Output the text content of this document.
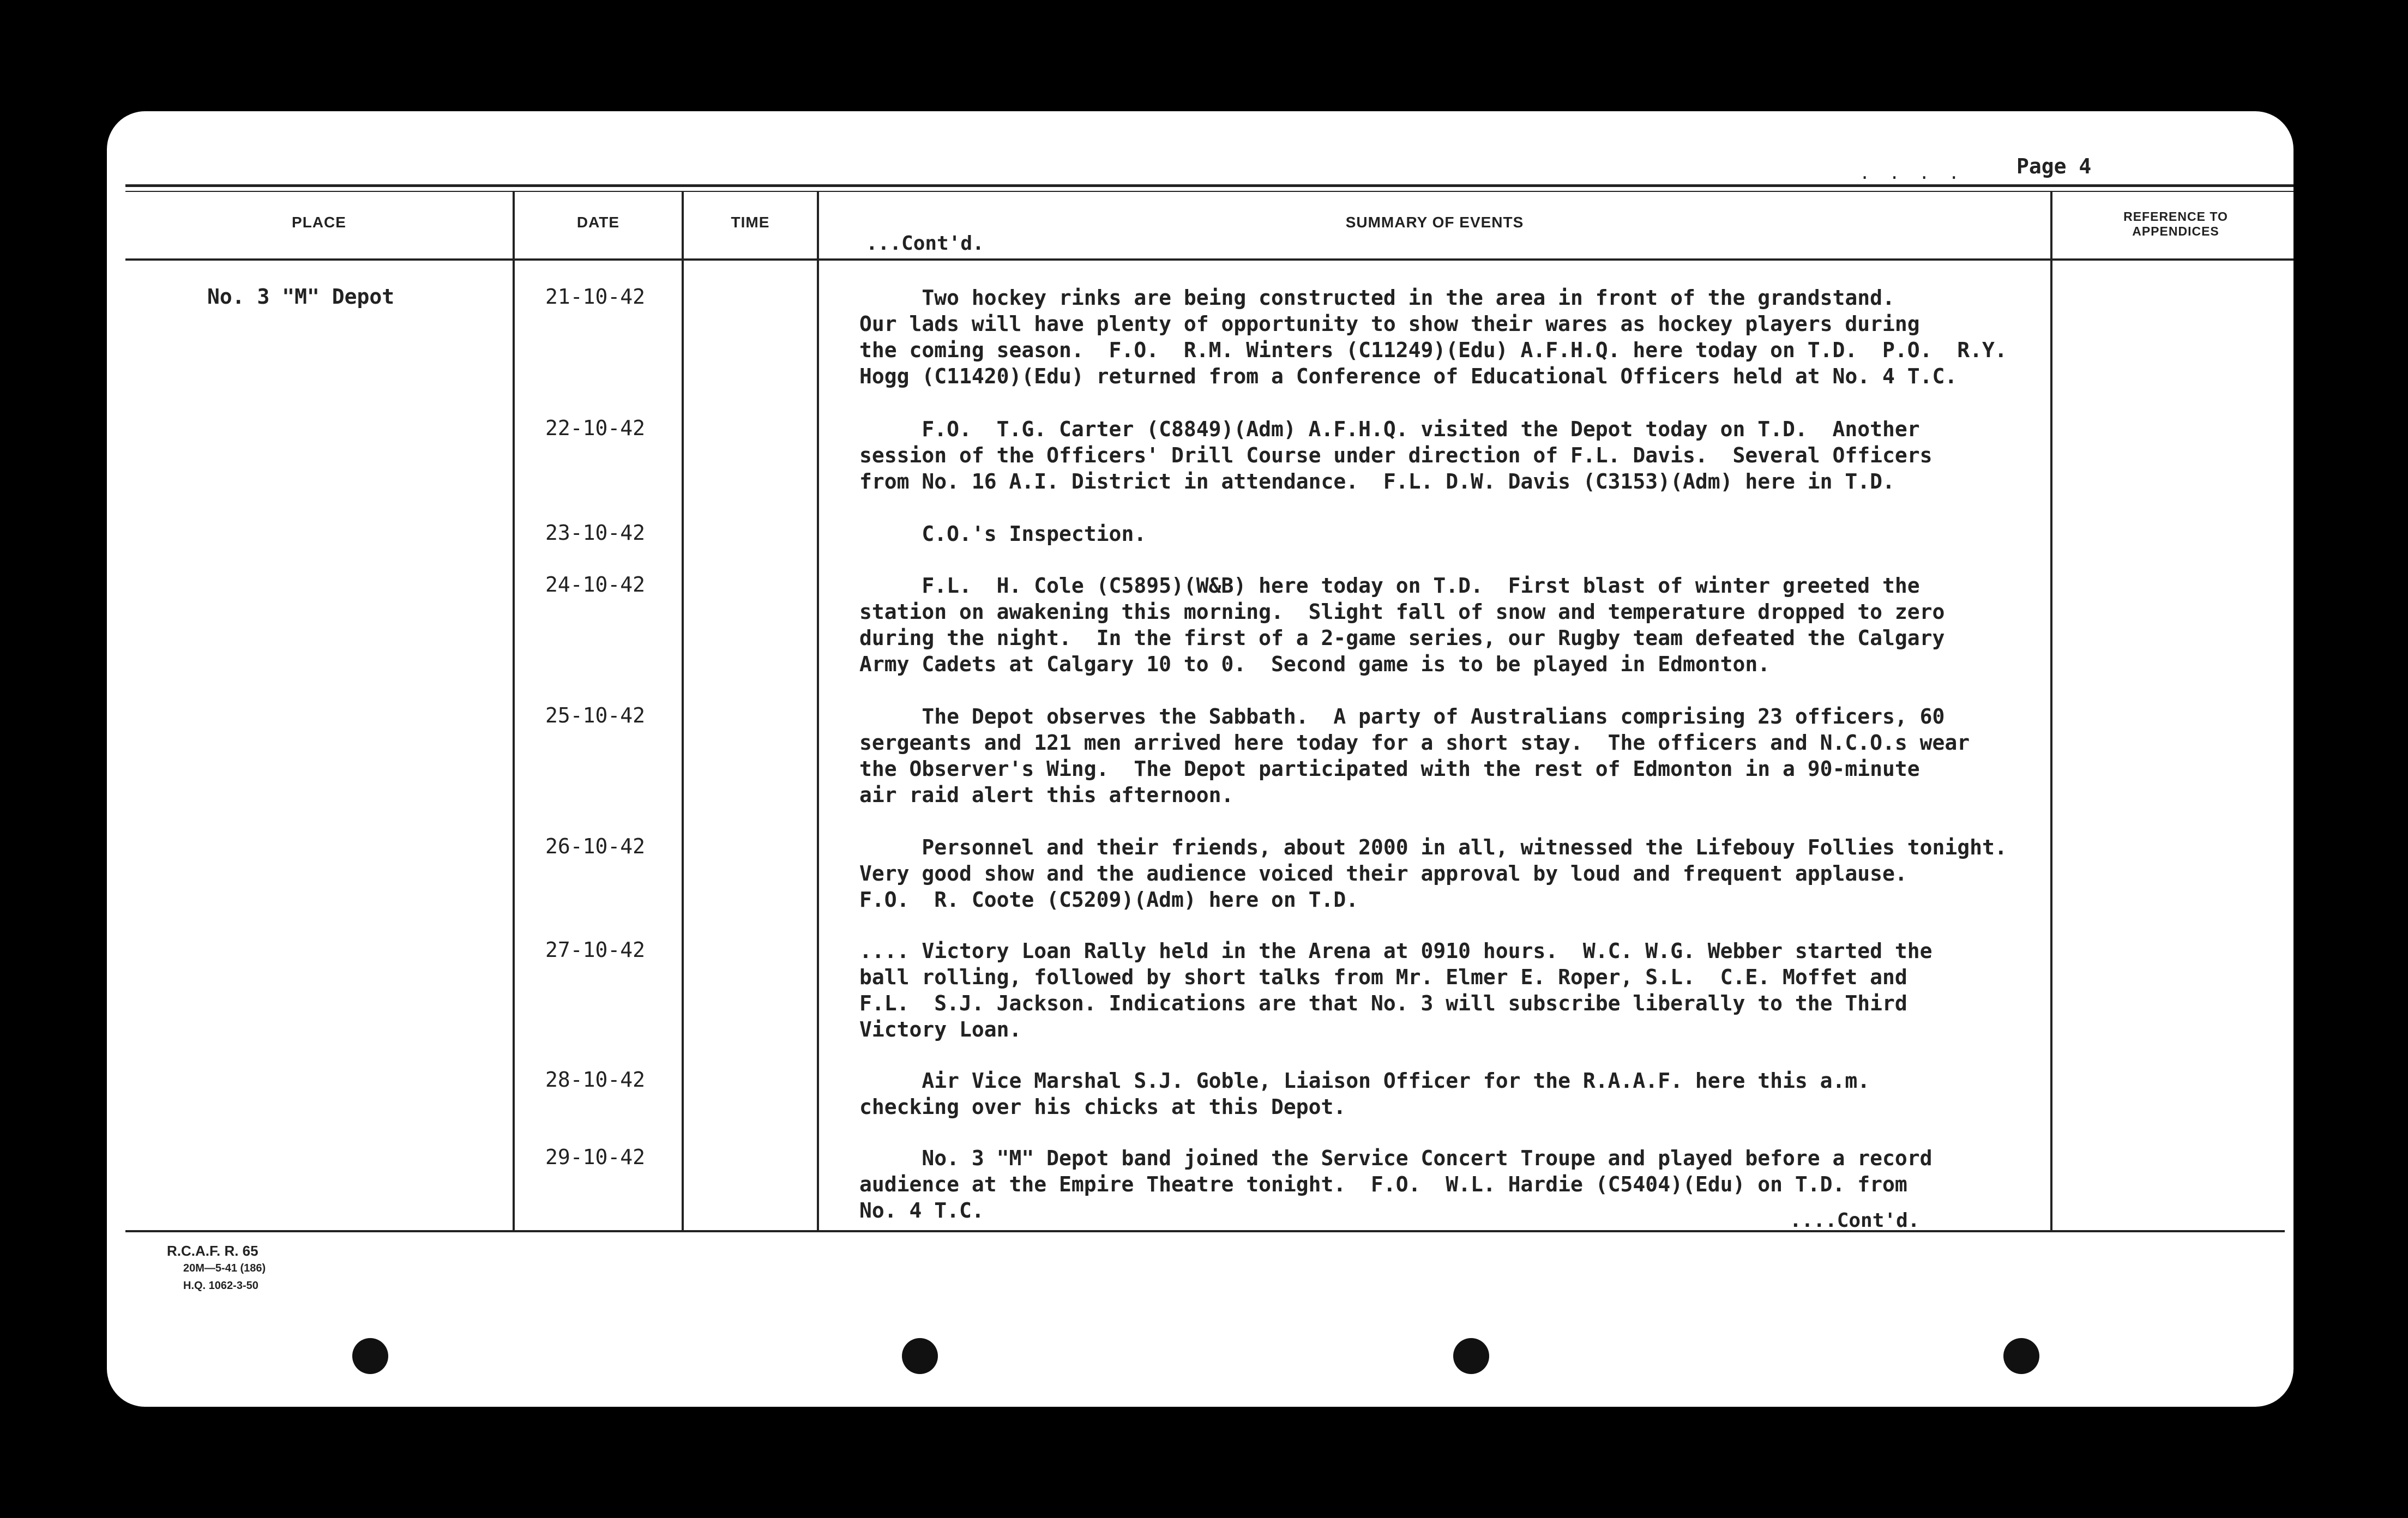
. . . .	Page 4
PLACE	DATE	TIME	SUMMARY OF EVENTS	REFERENCE TO APPENDICES
...Cont'd.
No. 3 "M" Depot	21-10-42	Two hockey rinks are being constructed in the area in front of the grandstand.
Our lads will have plenty of opportunity to show their wares as hockey players during
the coming season.  F.O.  R.M. Winters (C11249)(Edu) A.F.H.Q. here today on T.D.  P.O.  R.Y.
Hogg (C11420)(Edu) returned from a Conference of Educational Officers held at No. 4 T.C.
22-10-42	F.O.  T.G. Carter (C8849)(Adm) A.F.H.Q. visited the Depot today on T.D.  Another
session of the Officers' Drill Course under direction of F.L. Davis.  Several Officers
from No. 16 A.I. District in attendance.  F.L. D.W. Davis (C3153)(Adm) here in T.D.
23-10-42	C.O.'s Inspection.
24-10-42	F.L.  H. Cole (C5895)(W&B) here today on T.D.  First blast of winter greeted the
station on awakening this morning.  Slight fall of snow and temperature dropped to zero
during the night.  In the first of a 2-game series, our Rugby team defeated the Calgary
Army Cadets at Calgary 10 to 0.  Second game is to be played in Edmonton.
25-10-42	The Depot observes the Sabbath.  A party of Australians comprising 23 officers, 60
sergeants and 121 men arrived here today for a short stay.  The officers and N.C.O.s wear
the Observer's Wing.  The Depot participated with the rest of Edmonton in a 90-minute
air raid alert this afternoon.
26-10-42	Personnel and their friends, about 2000 in all, witnessed the Lifebouy Follies tonight.
Very good show and the audience voiced their approval by loud and frequent applause.
F.O.  R. Coote (C5209)(Adm) here on T.D.
27-10-42	.... Victory Loan Rally held in the Arena at 0910 hours.  W.C. W.G. Webber started the
ball rolling, followed by short talks from Mr. Elmer E. Roper, S.L.  C.E. Moffet and
F.L.  S.J. Jackson. Indications are that No. 3 will subscribe liberally to the Third
Victory Loan.
28-10-42	Air Vice Marshal S.J. Goble, Liaison Officer for the R.A.A.F. here this a.m.
checking over his chicks at this Depot.
29-10-42	No. 3 "M" Depot band joined the Service Concert Troupe and played before a record
audience at the Empire Theatre tonight.  F.O.  W.L. Hardie (C5404)(Edu) on T.D. from
No. 4 T.C.	....Cont'd.
R.C.A.F. R. 65
20M—5-41 (186)
H.Q. 1062-3-50
